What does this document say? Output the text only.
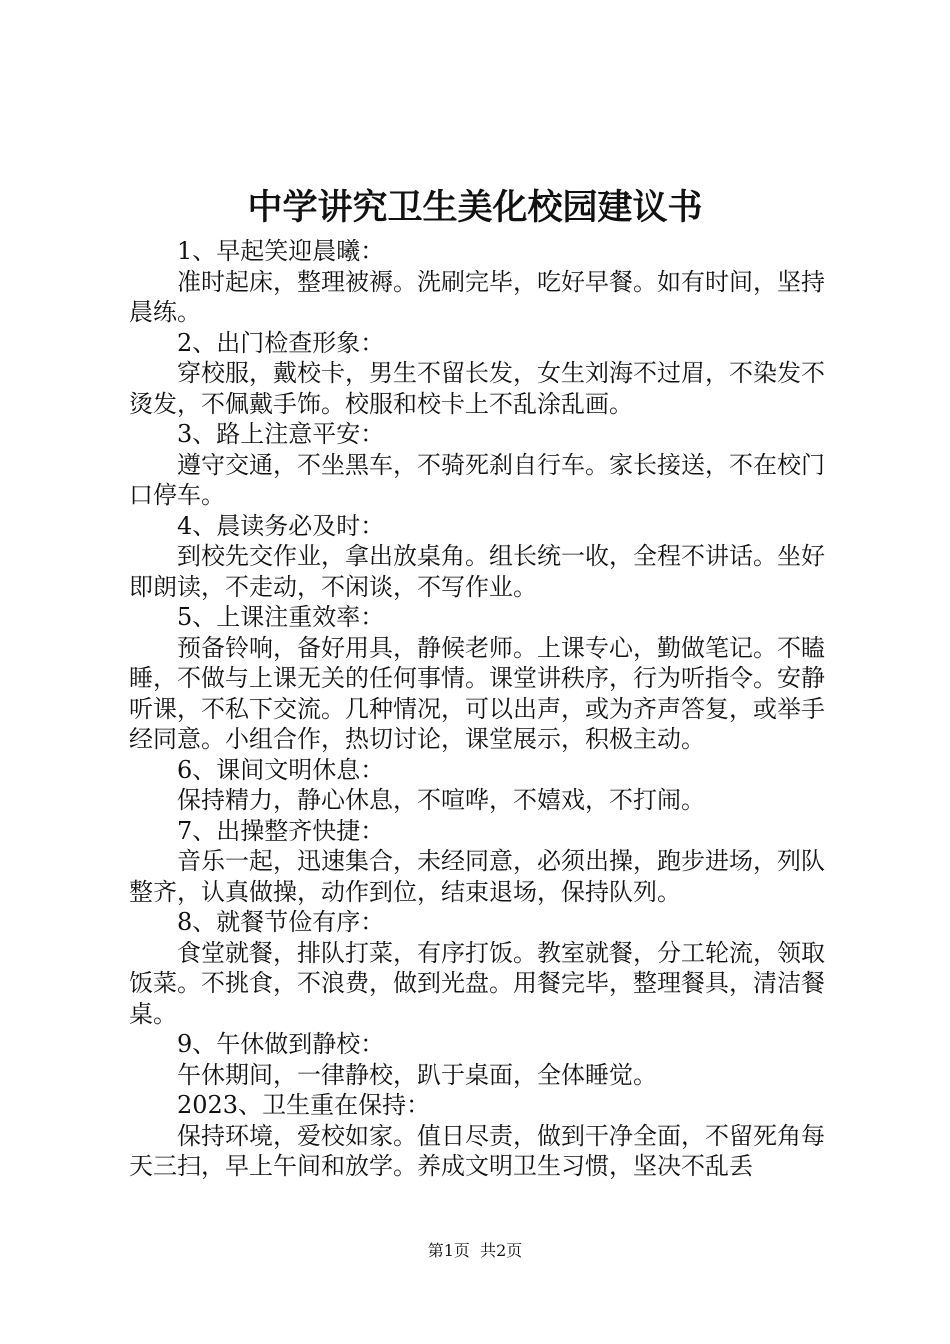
中学讲究卫生美化校园建议书

1、早起笑迎晨曦：

准时起床，整理被褥。洗刷完毕，吃好早餐。如有时间，坚持晨练。

2、出门检查形象：

穿校服，戴校卡，男生不留长发，女生刘海不过眉，不染发不烫发，不佩戴手饰。校服和校卡上不乱涂乱画。

3、路上注意平安：

遵守交通，不坐黑车，不骑死刹自行车。家长接送，不在校门口停车。

4、晨读务必及时：

到校先交作业，拿出放桌角。组长统一收，全程不讲话。坐好即朗读，不走动，不闲谈，不写作业。

5、上课注重效率：

预备铃响，备好用具，静候老师。上课专心，勤做笔记。不瞌睡，不做与上课无关的任何事情。课堂讲秩序，行为听指令。安静听课，不私下交流。几种情况，可以出声，或为齐声答复，或举手经同意。小组合作，热切讨论，课堂展示，积极主动。

6、课间文明休息：

保持精力，静心休息，不喧哗，不嬉戏，不打闹。

7、出操整齐快捷：

音乐一起，迅速集合，未经同意，必须出操，跑步进场，列队整齐，认真做操，动作到位，结束退场，保持队列。

8、就餐节俭有序：

食堂就餐，排队打菜，有序打饭。教室就餐，分工轮流，领取饭菜。不挑食，不浪费，做到光盘。用餐完毕，整理餐具，清洁餐桌。

9、午休做到静校：

午休期间，一律静校，趴于桌面，全体睡觉。

2023、卫生重在保持：

保持环境，爱校如家。值日尽责，做到干净全面，不留死角每天三扫，早上午间和放学。养成文明卫生习惯，坚决不乱丢

第1页 共2页
